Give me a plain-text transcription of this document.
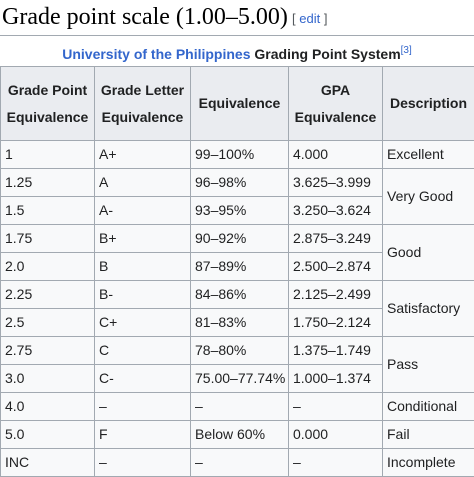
Grade point scale (1.00–5.00) [ edit ]
University of the Philippines Grading Point System[3]
Grade Point Equivalence	Grade Letter Equivalence	Equivalence	GPA Equivalence	Description
1	A+	99–100%	4.000	Excellent
1.25	A	96–98%	3.625–3.999	Very Good
1.5	A-	93–95%	3.250–3.624	
1.75	B+	90–92%	2.875–3.249	Good
2.0	B	87–89%	2.500–2.874	
2.25	B-	84–86%	2.125–2.499	Satisfactory
2.5	C+	81–83%	1.750–2.124	
2.75	C	78–80%	1.375–1.749	Pass
3.0	C-	75.00–77.74%	1.000–1.374	
4.0	–	–	–	Conditional
5.0	F	Below 60%	0.000	Fail
INC	–	–	–	Incomplete
